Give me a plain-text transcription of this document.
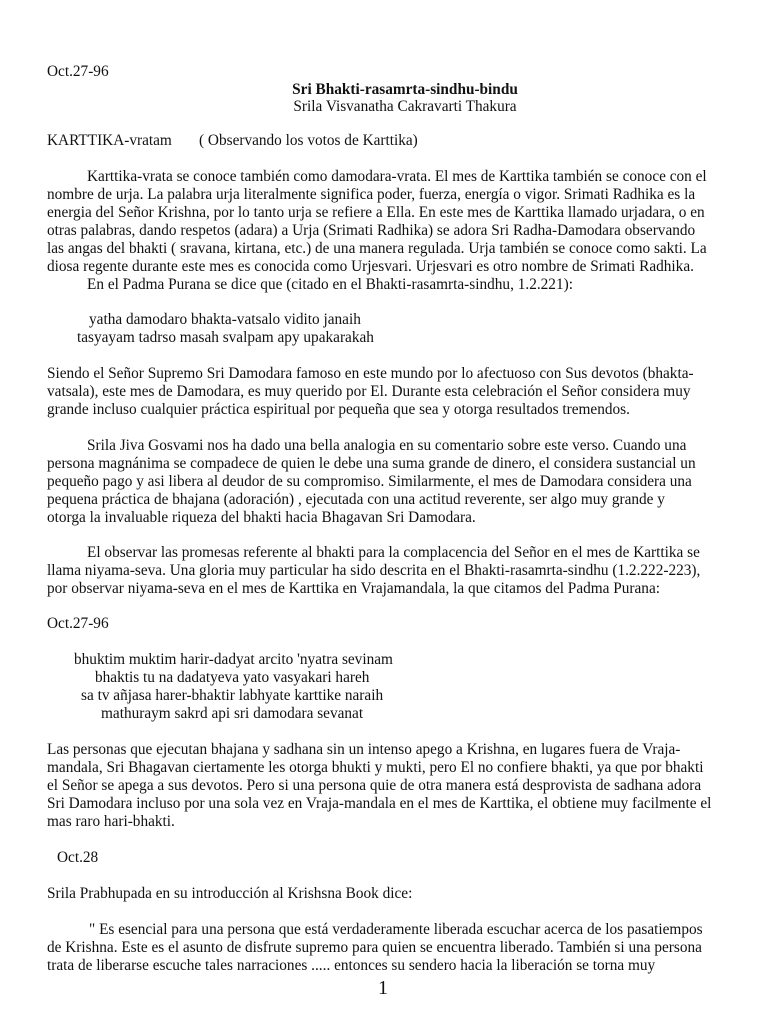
Oct.27-96
Sri Bhakti-rasamrta-sindhu-bindu
Srila Visvanatha Cakravarti Thakura
KARTTIKA-vratam ( Observando los votos de Karttika)
Karttika-vrata se conoce también como damodara-vrata. El mes de Karttika también se conoce con el
nombre de urja. La palabra urja literalmente significa poder, fuerza, energía o vigor. Srimati Radhika es la
energia del Señor Krishna, por lo tanto urja se refiere a Ella. En este mes de Karttika llamado urjadara, o en
otras palabras, dando respetos (adara) a Urja (Srimati Radhika) se adora Sri Radha-Damodara observando
las angas del bhakti ( sravana, kirtana, etc.) de una manera regulada. Urja también se conoce como sakti. La
diosa regente durante este mes es conocida como Urjesvari. Urjesvari es otro nombre de Srimati Radhika.
En el Padma Purana se dice que (citado en el Bhakti-rasamrta-sindhu, 1.2.221):
yatha damodaro bhakta-vatsalo vidito janaih
tasyayam tadrso masah svalpam apy upakarakah
Siendo el Señor Supremo Sri Damodara famoso en este mundo por lo afectuoso con Sus devotos (bhakta-
vatsala), este mes de Damodara, es muy querido por El. Durante esta celebración el Señor considera muy
grande incluso cualquier práctica espiritual por pequeña que sea y otorga resultados tremendos.
Srila Jiva Gosvami nos ha dado una bella analogia en su comentario sobre este verso. Cuando una
persona magnánima se compadece de quien le debe una suma grande de dinero, el considera sustancial un
pequeño pago y asi libera al deudor de su compromiso. Similarmente, el mes de Damodara considera una
pequena práctica de bhajana (adoración) , ejecutada con una actitud reverente, ser algo muy grande y
otorga la invaluable riqueza del bhakti hacia Bhagavan Sri Damodara.
El observar las promesas referente al bhakti para la complacencia del Señor en el mes de Karttika se
llama niyama-seva. Una gloria muy particular ha sido descrita en el Bhakti-rasamrta-sindhu (1.2.222-223),
por observar niyama-seva en el mes de Karttika en Vrajamandala, la que citamos del Padma Purana:
Oct.27-96
bhuktim muktim harir-dadyat arcito 'nyatra sevinam
bhaktis tu na dadatyeva yato vasyakari hareh
sa tv añjasa harer-bhaktir labhyate karttike naraih
mathuraym sakrd api sri damodara sevanat
Las personas que ejecutan bhajana y sadhana sin un intenso apego a Krishna, en lugares fuera de Vraja-
mandala, Sri Bhagavan ciertamente les otorga bhukti y mukti, pero El no confiere bhakti, ya que por bhakti
el Señor se apega a sus devotos. Pero si una persona quie de otra manera está desprovista de sadhana adora
Sri Damodara incluso por una sola vez en Vraja-mandala en el mes de Karttika, el obtiene muy facilmente el
mas raro hari-bhakti.
Oct.28
Srila Prabhupada en su introducción al Krishsna Book dice:
" Es esencial para una persona que está verdaderamente liberada escuchar acerca de los pasatiempos
de Krishna. Este es el asunto de disfrute supremo para quien se encuentra liberado. También si una persona
trata de liberarse escuche tales narraciones ..... entonces su sendero hacia la liberación se torna muy
1
